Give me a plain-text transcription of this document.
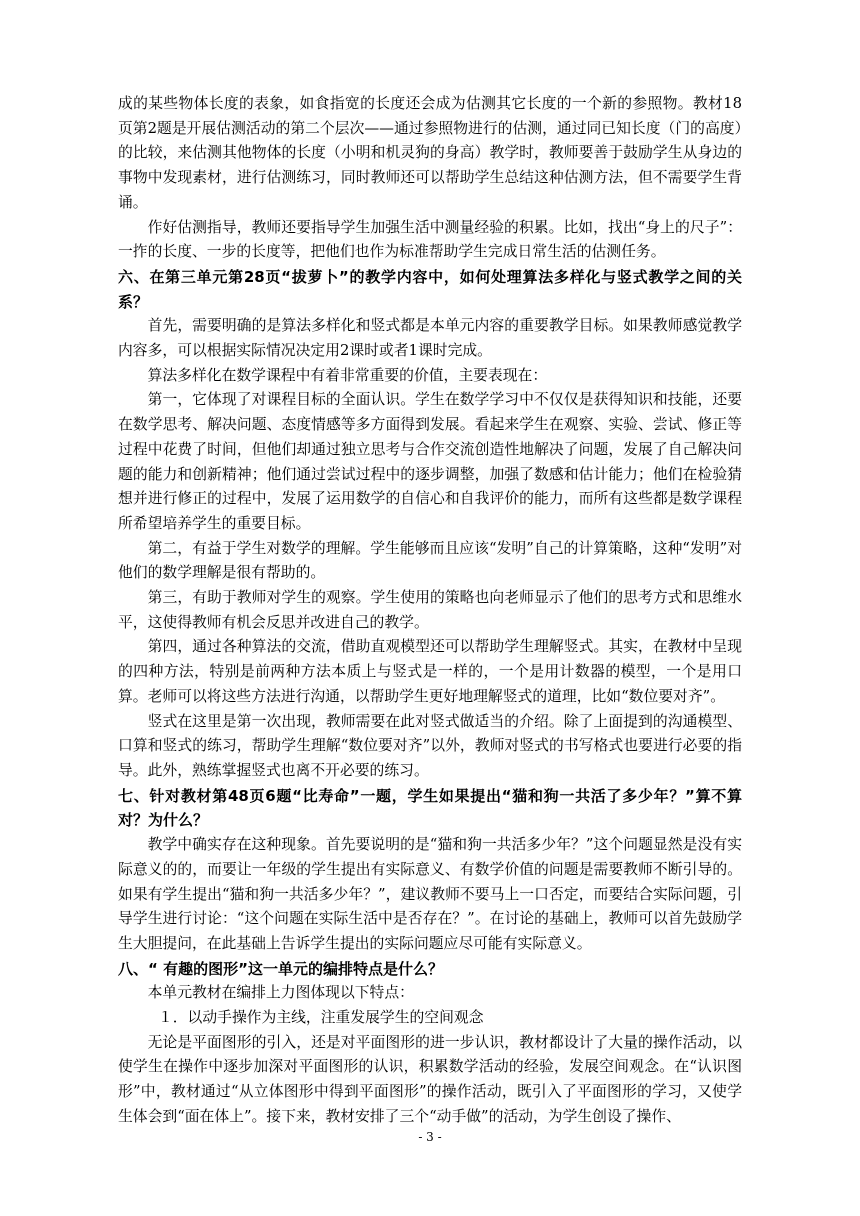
成的某些物体长度的表象，如食指宽的长度还会成为估测其它长度的一个新的参照物。教材18页第2题是开展估测活动的第二个层次——通过参照物进行的估测，通过同已知长度（门的高度）的比较，来估测其他物体的长度（小明和机灵狗的身高）教学时，教师要善于鼓励学生从身边的事物中发现素材，进行估测练习，同时教师还可以帮助学生总结这种估测方法，但不需要学生背诵。

作好估测指导，教师还要指导学生加强生活中测量经验的积累。比如，找出“身上的尺子”：一拃的长度、一步的长度等，把他们也作为标准帮助学生完成日常生活的估测任务。

六、在第三单元第28页“拔萝卜”的教学内容中，如何处理算法多样化与竖式教学之间的关系？

首先，需要明确的是算法多样化和竖式都是本单元内容的重要教学目标。如果教师感觉教学内容多，可以根据实际情况决定用2课时或者1课时完成。

算法多样化在数学课程中有着非常重要的价值，主要表现在：

第一，它体现了对课程目标的全面认识。学生在数学学习中不仅仅是获得知识和技能，还要在数学思考、解决问题、态度情感等多方面得到发展。看起来学生在观察、实验、尝试、修正等过程中花费了时间，但他们却通过独立思考与合作交流创造性地解决了问题，发展了自己解决问题的能力和创新精神；他们通过尝试过程中的逐步调整，加强了数感和估计能力；他们在检验猜想并进行修正的过程中，发展了运用数学的自信心和自我评价的能力，而所有这些都是数学课程所希望培养学生的重要目标。

第二，有益于学生对数学的理解。学生能够而且应该“发明”自己的计算策略，这种“发明”对他们的数学理解是很有帮助的。

第三，有助于教师对学生的观察。学生使用的策略也向老师显示了他们的思考方式和思维水平，这使得教师有机会反思并改进自己的教学。

第四，通过各种算法的交流，借助直观模型还可以帮助学生理解竖式。其实，在教材中呈现的四种方法，特别是前两种方法本质上与竖式是一样的，一个是用计数器的模型，一个是用口算。老师可以将这些方法进行沟通，以帮助学生更好地理解竖式的道理，比如“数位要对齐”。

竖式在这里是第一次出现，教师需要在此对竖式做适当的介绍。除了上面提到的沟通模型、口算和竖式的练习，帮助学生理解“数位要对齐”以外，教师对竖式的书写格式也要进行必要的指导。此外，熟练掌握竖式也离不开必要的练习。

七、针对教材第48页6题“比寿命”一题，学生如果提出“猫和狗一共活了多少年？”算不算对？为什么？

教学中确实存在这种现象。首先要说明的是“猫和狗一共活多少年？”这个问题显然是没有实际意义的的，而要让一年级的学生提出有实际意义、有数学价值的问题是需要教师不断引导的。如果有学生提出“猫和狗一共活多少年？”，建议教师不要马上一口否定，而要结合实际问题，引导学生进行讨论：“这个问题在实际生活中是否存在？”。在讨论的基础上，教师可以首先鼓励学生大胆提问，在此基础上告诉学生提出的实际问题应尽可能有实际意义。

八、“ 有趣的图形”这一单元的编排特点是什么？

本单元教材在编排上力图体现以下特点：

１．以动手操作为主线，注重发展学生的空间观念

无论是平面图形的引入，还是对平面图形的进一步认识，教材都设计了大量的操作活动，以使学生在操作中逐步加深对平面图形的认识，积累数学活动的经验，发展空间观念。在“认识图形”中，教材通过“从立体图形中得到平面图形”的操作活动，既引入了平面图形的学习，又使学生体会到“面在体上”。接下来，教材安排了三个“动手做”的活动，为学生创设了操作、

- 3 -
